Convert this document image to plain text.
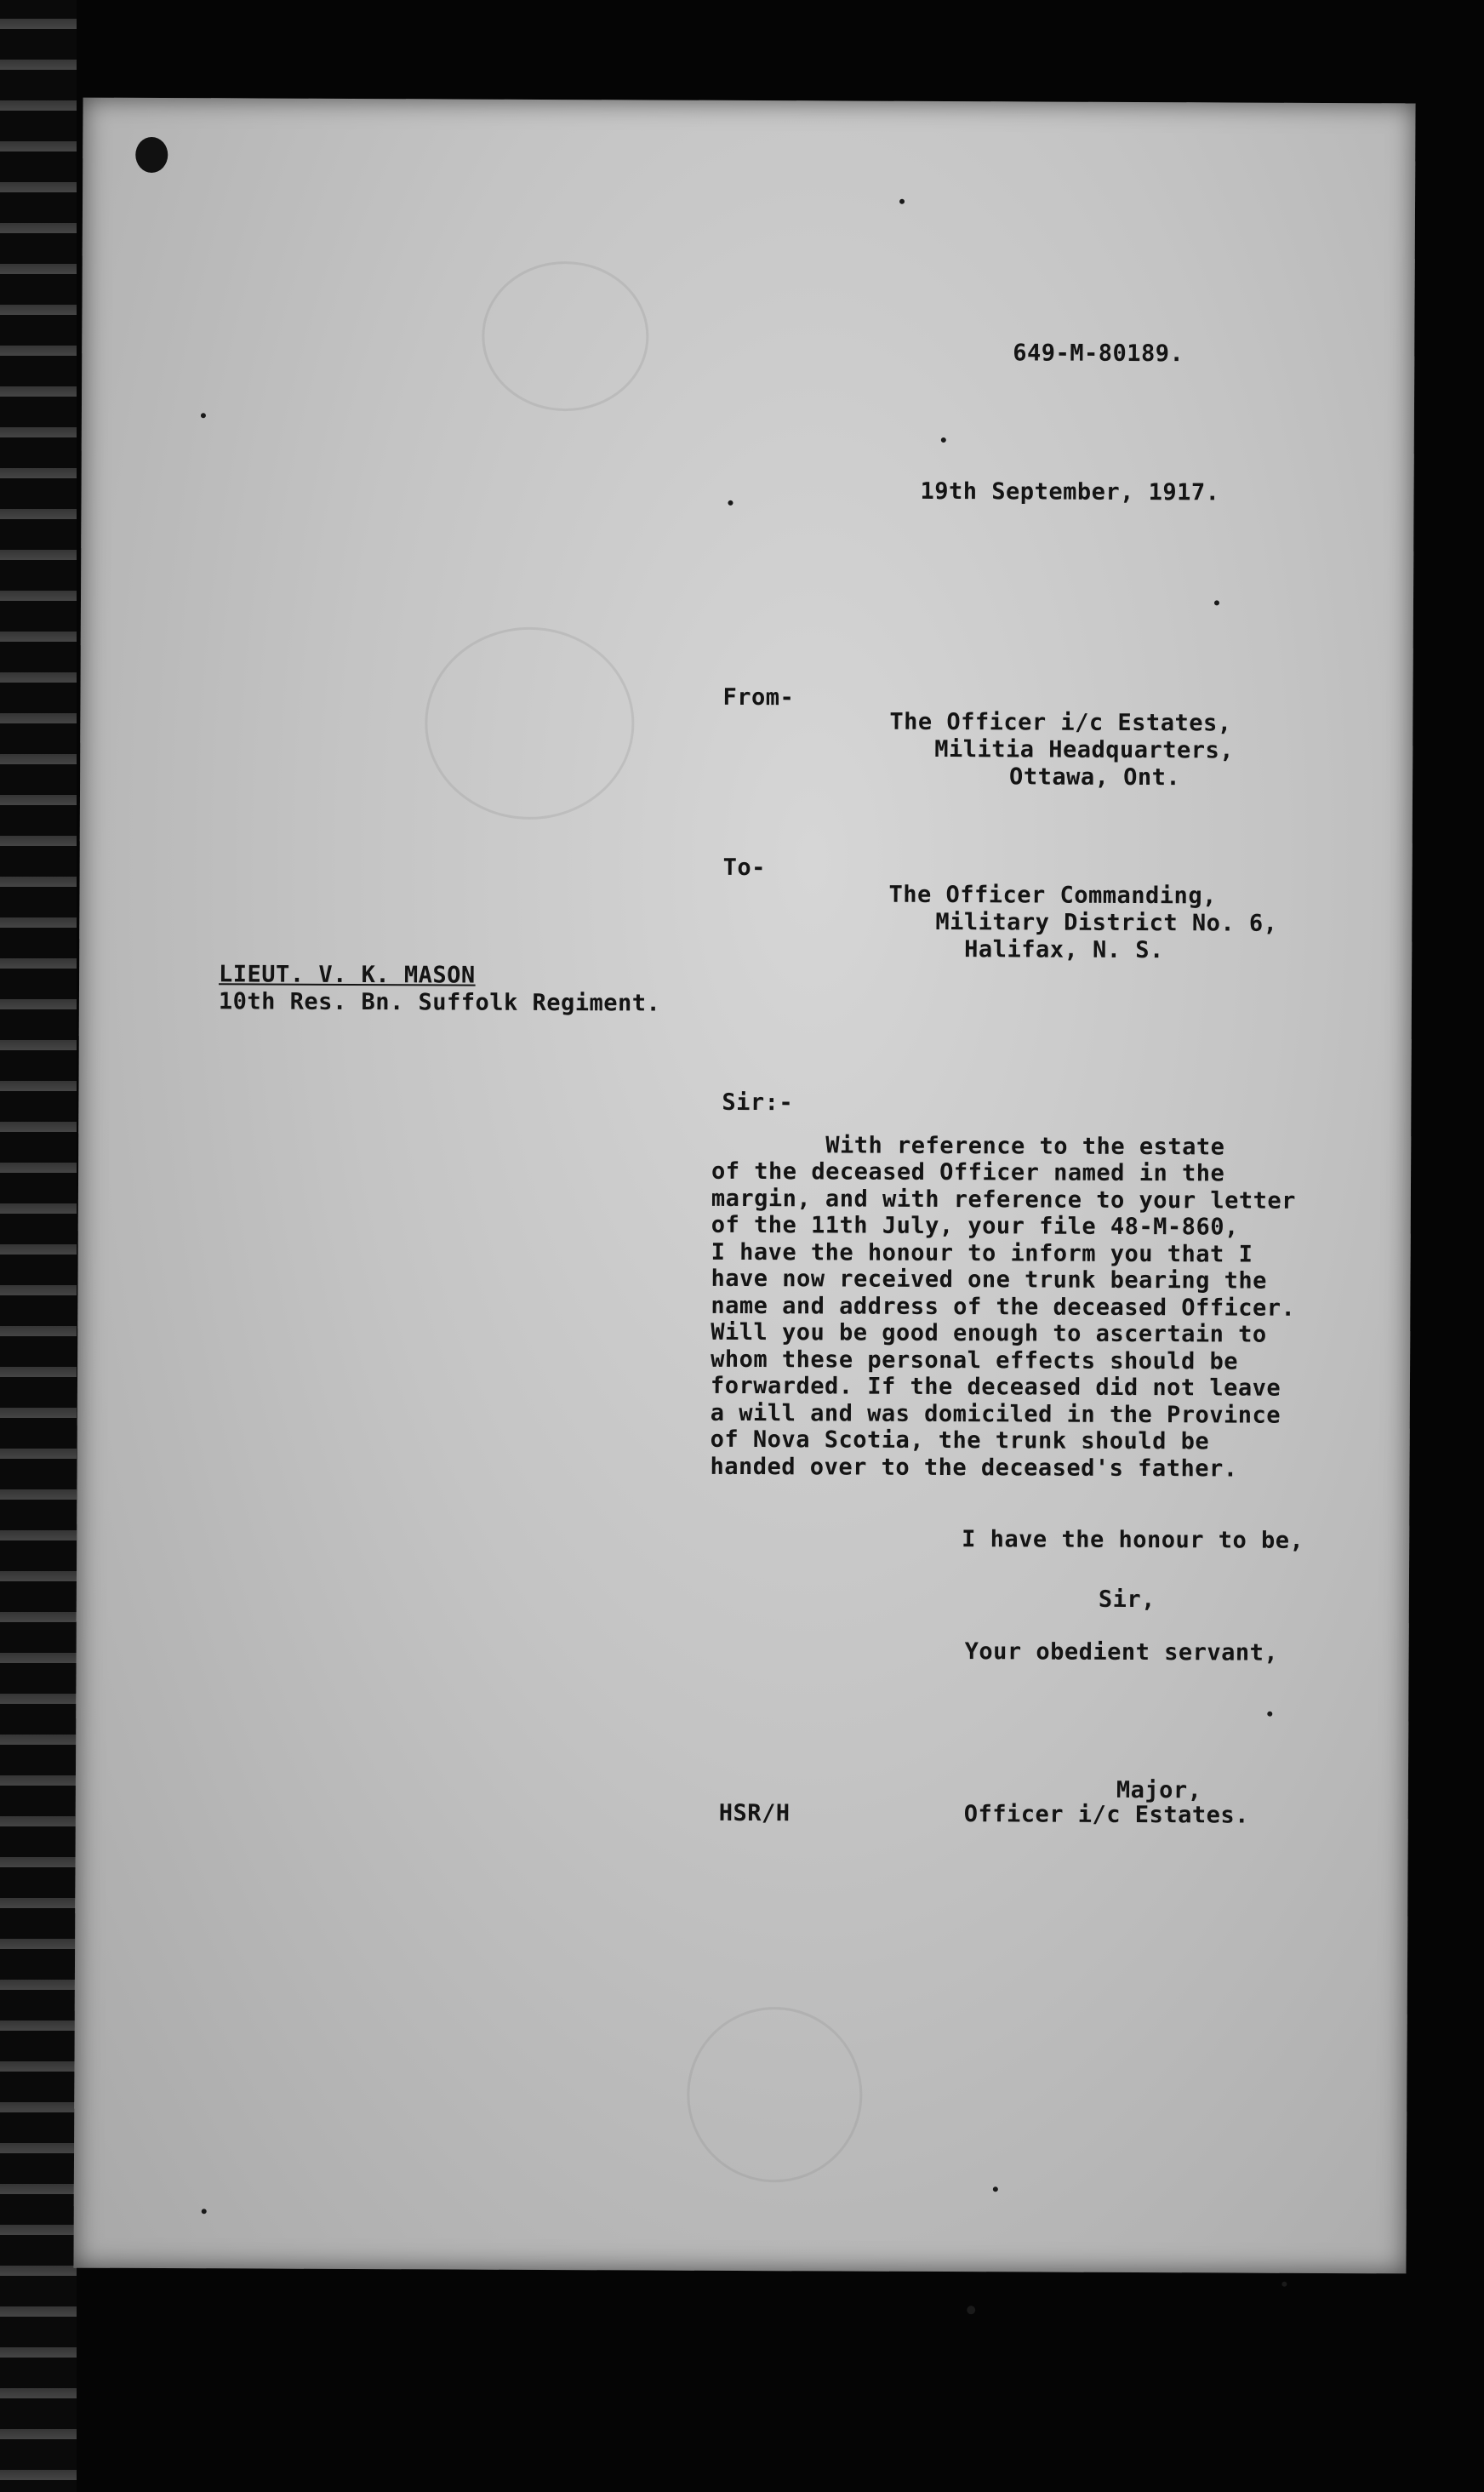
649-M-80189.
19th September, 1917.
From-
The Officer i/c Estates,
Militia Headquarters,
Ottawa, Ont.
To-
The Officer Commanding,
Military District No. 6,
Halifax, N. S.
LIEUT. V. K. MASON
10th Res. Bn. Suffolk Regiment.
Sir:-
With reference to the estate
of the deceased Officer named in the
margin, and with reference to your letter
of the 11th July, your file 48-M-860,
I have the honour to inform you that I
have now received one trunk bearing the
name and address of the deceased Officer.
Will you be good enough to ascertain to
whom these personal effects should be
forwarded. If the deceased did not leave
a will and was domiciled in the Province
of Nova Scotia, the trunk should be
handed over to the deceased's father.
I have the honour to be,
Sir,
Your obedient servant,
Major,
Officer i/c Estates.
HSR/H
